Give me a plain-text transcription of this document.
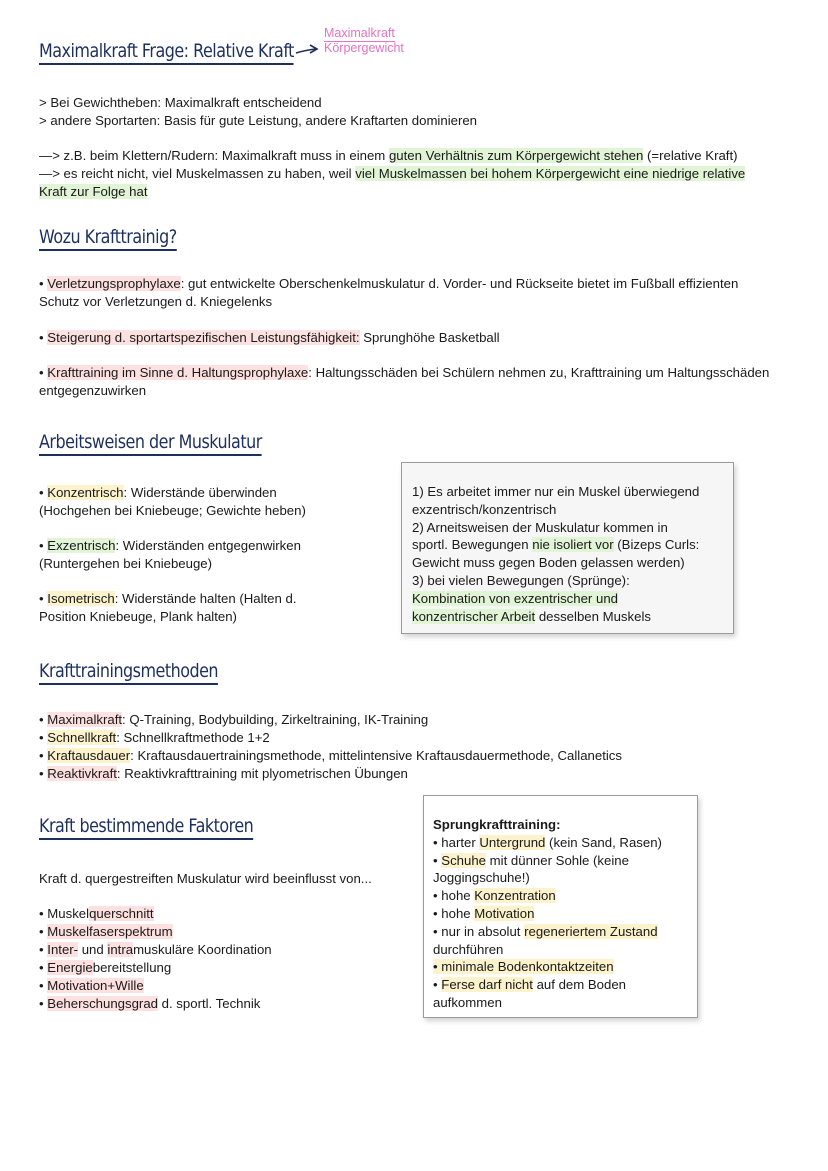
Maximalkraft Frage: Relative Kraft
Maximalkraft
Körpergewicht
> Bei Gewichtheben: Maximalkraft entscheidend
> andere Sportarten: Basis für gute Leistung, andere Kraftarten dominieren
—> z.B. beim Klettern/Rudern: Maximalkraft muss in einem guten Verhältnis zum Körpergewicht stehen (=relative Kraft)
—> es reicht nicht, viel Muskelmassen zu haben, weil viel Muskelmassen bei hohem Körpergewicht eine niedrige relative
Kraft zur Folge hat
Wozu Krafttrainig?
• Verletzungsprophylaxe: gut entwickelte Oberschenkelmuskulatur d. Vorder- und Rückseite bietet im Fußball effizienten
Schutz vor Verletzungen d. Kniegelenks
• Steigerung d. sportartspezifischen Leistungsfähigkeit: Sprunghöhe Basketball
• Krafttraining im Sinne d. Haltungsprophylaxe: Haltungsschäden bei Schülern nehmen zu, Krafttraining um Haltungsschäden
entgegenzuwirken
Arbeitsweisen der Muskulatur
• Konzentrisch: Widerstände überwinden
(Hochgehen bei Kniebeuge; Gewichte heben)
• Exzentrisch: Widerständen entgegenwirken
(Runtergehen bei Kniebeuge)
• Isometrisch: Widerstände halten (Halten d.
Position Kniebeuge, Plank halten)
1) Es arbeitet immer nur ein Muskel überwiegend
exzentrisch/konzentrisch
2) Arneitsweisen der Muskulatur kommen in
sportl. Bewegungen nie isoliert vor (Bizeps Curls:
Gewicht muss gegen Boden gelassen werden)
3) bei vielen Bewegungen (Sprünge):
Kombination von exzentrischer und
konzentrischer Arbeit desselben Muskels
Krafttrainingsmethoden
• Maximalkraft: Q-Training, Bodybuilding, Zirkeltraining, IK-Training
• Schnellkraft: Schnellkraftmethode 1+2
• Kraftausdauer: Kraftausdauertrainingsmethode, mittelintensive Kraftausdauermethode, Callanetics
• Reaktivkraft: Reaktivkrafttraining mit plyometrischen Übungen
Kraft bestimmende Faktoren
Kraft d. quergestreiften Muskulatur wird beeinflusst von...
• Muskelquerschnitt
• Muskelfaserspektrum
• Inter- und intramuskuläre Koordination
• Energiebereitstellung
• Motivation+Wille
• Beherschungsgrad d. sportl. Technik
Sprungkrafttraining:
• harter Untergrund (kein Sand, Rasen)
• Schuhe mit dünner Sohle (keine
Joggingschuhe!)
• hohe Konzentration
• hohe Motivation
• nur in absolut regeneriertem Zustand
durchführen
• minimale Bodenkontaktzeiten
• Ferse darf nicht auf dem Boden
aufkommen
